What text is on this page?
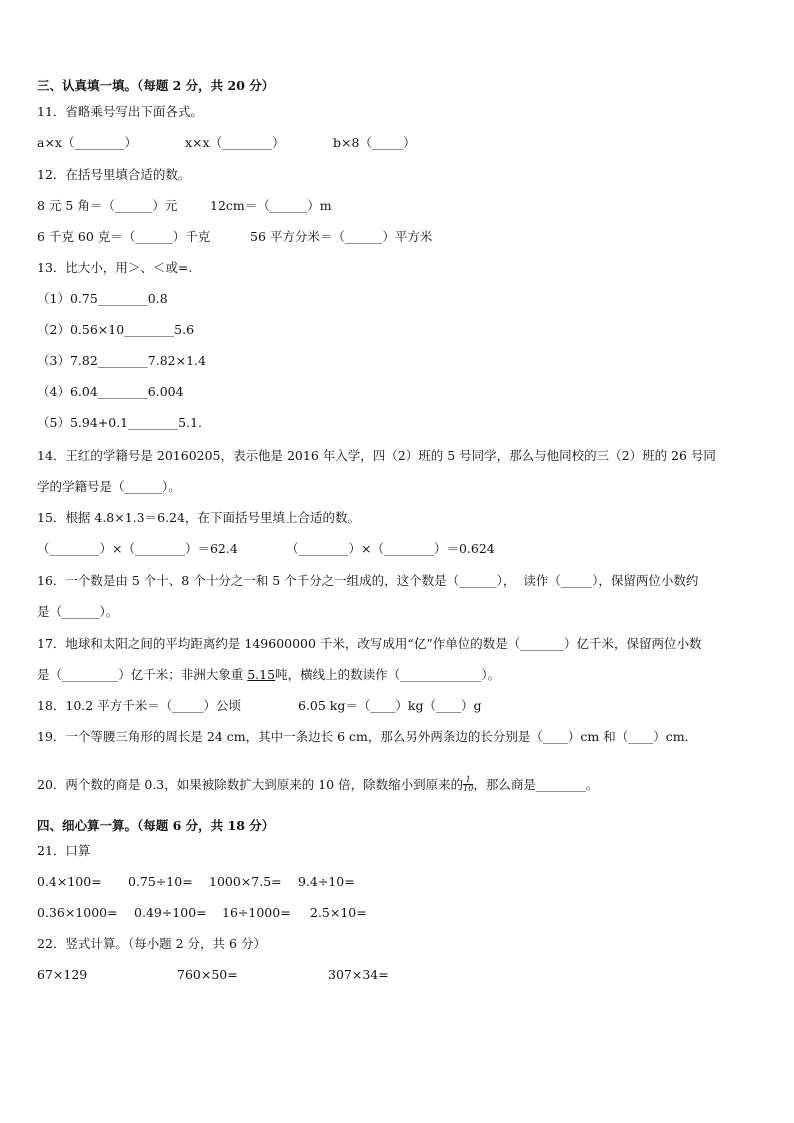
三、认真填一填。（每题 2 分，共 20 分）
11．省略乘号写出下面各式。
a×x（________）	x×x（________）	b×8（_____）
12．在括号里填合适的数。
8 元 5 角＝（______）元	12cm＝（______）m
6 千克 60 克＝（______）千克	56 平方分米＝（______）平方米
13．比大小，用＞、＜或=.
（1）0.75________0.8
（2）0.56×10________5.6
（3）7.82________7.82×1.4
（4）6.04________6.004
（5）5.94+0.1________5.1.
14．王红的学籍号是 20160205，表示他是 2016 年入学，四（2）班的 5 号同学，那么与他同校的三（2）班的 26 号同
学的学籍号是（______）。
15．根据 4.8×1.3＝6.24，在下面括号里填上合适的数。
（________）×（________）＝62.4	（________）×（________）＝0.624
16．一个数是由 5 个十、8 个十分之一和 5 个千分之一组成的，这个数是（______），  读作（_____），保留两位小数约
是（______）。
17．地球和太阳之间的平均距离约是 149600000 千米，改写成用“亿”作单位的数是（_______）亿千米，保留两位小数
是（_________）亿千米；非洲大象重 5.15吨，横线上的数读作（_____________）。
18．10.2 平方千米＝（_____）公顷	6.05 kg＝（____）kg（____）g
19．一个等腰三角形的周长是 24 cm，其中一条边长 6 cm，那么另外两条边的长分别是（____）cm 和（____）cm.
20．两个数的商是 0.3，如果被除数扩大到原来的 10 倍，除数缩小到原来的 $\frac{1}{10}$ ，那么商是________。
四、细心算一算。（每题 6 分，共 18 分）
21．口算
0.4×100= 0.75÷10= 1000×7.5= 9.4÷10=
0.36×1000= 0.49÷100= 16÷1000= 2.5×10=
22．竖式计算。（每小题 2 分，共 6 分）
67×129	760×50=	307×34=
